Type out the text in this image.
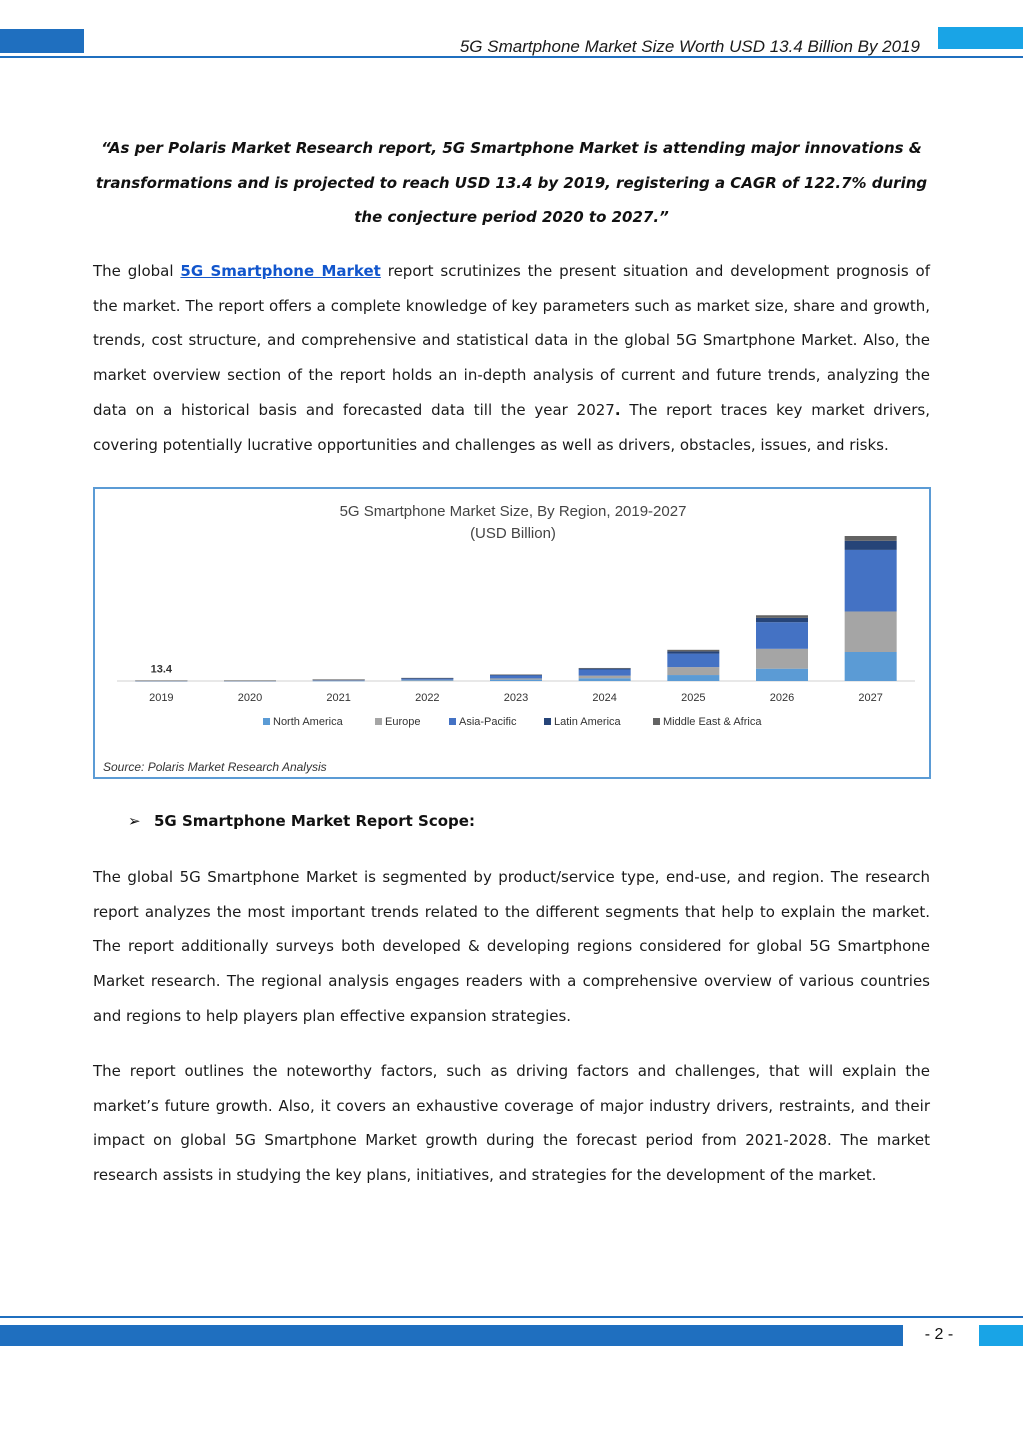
5G Smartphone Market Size Worth USD 13.4 Billion By 2019
“As per Polaris Market Research report, 5G Smartphone Market is attending major innovations & transformations and is projected to reach USD 13.4 by 2019, registering a CAGR of 122.7% during the conjecture period 2020 to 2027.”
The global 5G Smartphone Market report scrutinizes the present situation and development prognosis of the market. The report offers a complete knowledge of key parameters such as market size, share and growth, trends, cost structure, and comprehensive and statistical data in the global 5G Smartphone Market. Also, the market overview section of the report holds an in-depth analysis of current and future trends, analyzing the data on a historical basis and forecasted data till the year 2027. The report traces key market drivers, covering potentially lucrative opportunities and challenges as well as drivers, obstacles, issues, and risks.
5G Smartphone Market Size, By Region, 2019-2027
(USD Billion)
2019	2020	2021	2022	2023	2024	2025	2026	2027
13.4
North America	Europe	Asia-Pacific	Latin America	Middle East & Africa
Source: Polaris Market Research Analysis
➢ 5G Smartphone Market Report Scope:
The global 5G Smartphone Market is segmented by product/service type, end-use, and region. The research report analyzes the most important trends related to the different segments that help to explain the market. The report additionally surveys both developed & developing regions considered for global 5G Smartphone Market research. The regional analysis engages readers with a comprehensive overview of various countries and regions to help players plan effective expansion strategies.
The report outlines the noteworthy factors, such as driving factors and challenges, that will explain the market’s future growth. Also, it covers an exhaustive coverage of major industry drivers, restraints, and their impact on global 5G Smartphone Market growth during the forecast period from 2021-2028. The market research assists in studying the key plans, initiatives, and strategies for the development of the market.
- 2 -
